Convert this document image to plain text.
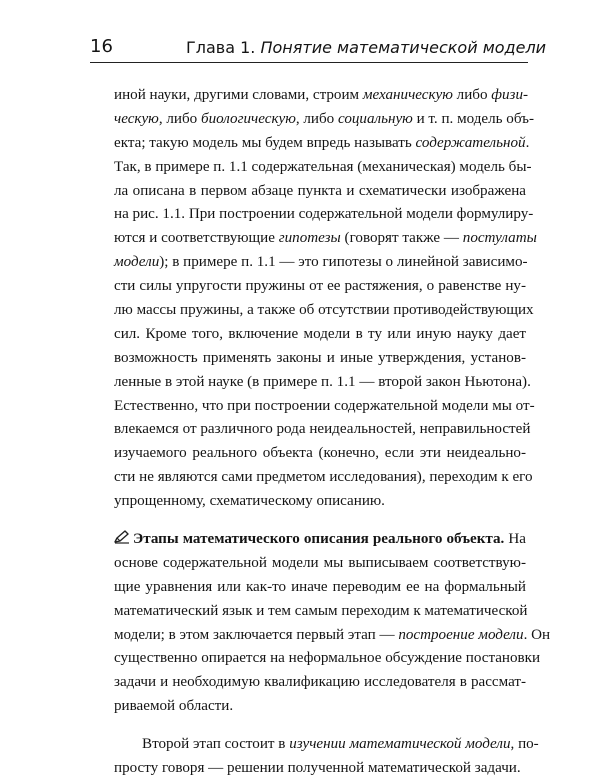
16	Глава 1. Понятие математической модели
иной науки, другими словами, строим механическую либо физи-
ческую, либо биологическую, либо социальную и т. п. модель объ-
екта; такую модель мы будем впредь называть содержательной.
Так, в примере п. 1.1 содержательная (механическая) модель бы-
ла описана в первом абзаце пункта и схематически изображена
на рис. 1.1. При построении содержательной модели формулиру-
ются и соответствующие гипотезы (говорят также — постулаты
модели); в примере п. 1.1 — это гипотезы о линейной зависимо-
сти силы упругости пружины от ее растяжения, о равенстве ну-
лю массы пружины, а также об отсутствии противодействующих
сил. Кроме того, включение модели в ту или иную науку дает
возможность применять законы и иные утверждения, установ-
ленные в этой науке (в примере п. 1.1 — второй закон Ньютона).
Естественно, что при построении содержательной модели мы от-
влекаемся от различного рода неидеальностей, неправильностей
изучаемого реального объекта (конечно, если эти неидеально-
сти не являются сами предметом исследования), переходим к его
упрощенному, схематическому описанию.
Этапы математического описания реального объекта. На
основе содержательной модели мы выписываем соответствую-
щие уравнения или как-то иначе переводим ее на формальный
математический язык и тем самым переходим к математической
модели; в этом заключается первый этап — построение модели. Он
существенно опирается на неформальное обсуждение постановки
задачи и необходимую квалификацию исследователя в рассмат-
риваемой области.
Второй этап состоит в изучении математической модели, по-
просту говоря — решении полученной математической задачи.
